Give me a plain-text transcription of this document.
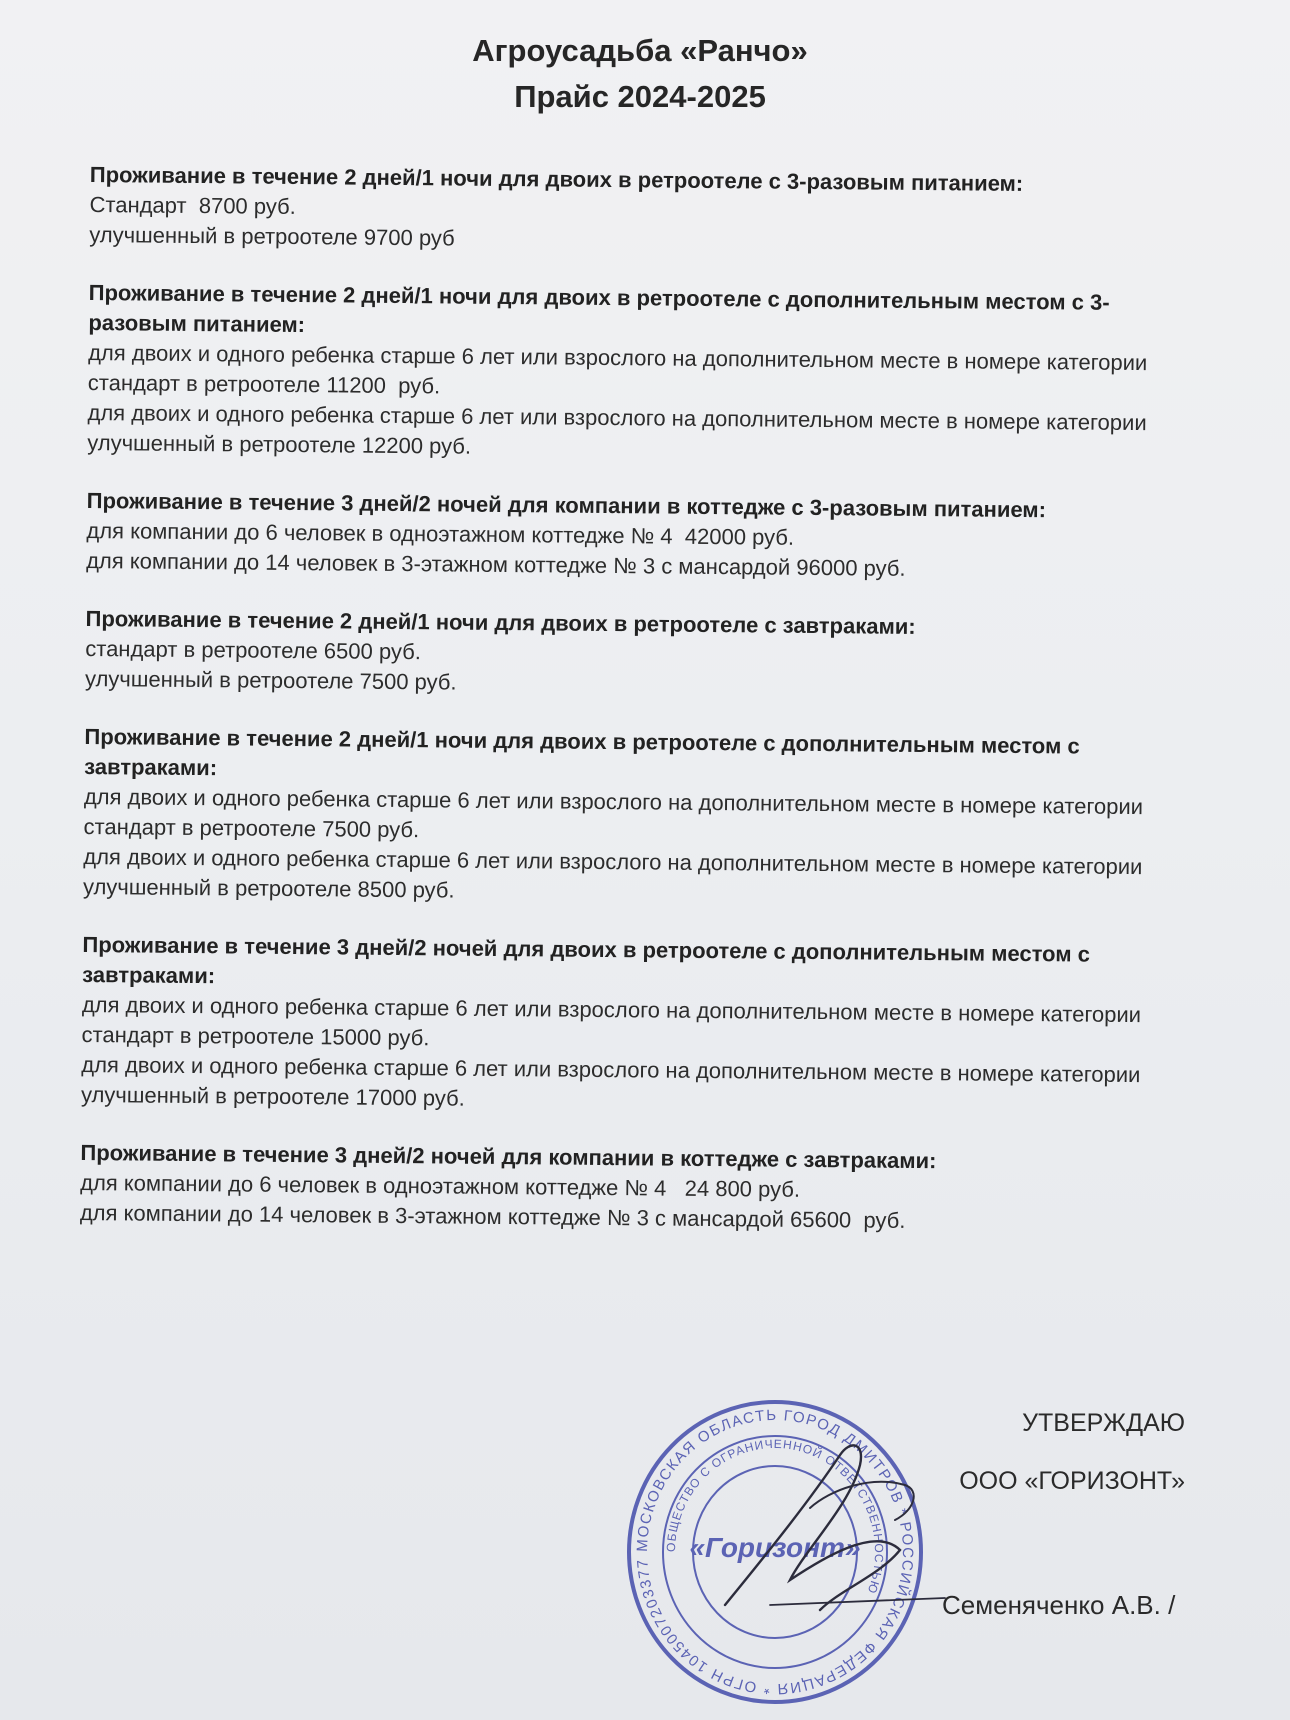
Агроусадьба «Ранчо»
Прайс 2024-2025
Проживание в течение 2 дней/1 ночи для двоих в ретроотеле с 3-разовым питанием:
Стандарт  8700 руб.
улучшенный в ретроотеле 9700 руб
Проживание в течение 2 дней/1 ночи для двоих в ретроотеле с дополнительным местом с 3-разовым питанием:
для двоих и одного ребенка старше 6 лет или взрослого на дополнительном месте в номере категории стандарт в ретроотеле 11200  руб.
для двоих и одного ребенка старше 6 лет или взрослого на дополнительном месте в номере категории улучшенный в ретроотеле 12200 руб.
Проживание в течение 3 дней/2 ночей для компании в коттедже с 3-разовым питанием:
для компании до 6 человек в одноэтажном коттедже № 4  42000 руб.
для компании до 14 человек в 3-этажном коттедже № 3 с мансардой 96000 руб.
Проживание в течение 2 дней/1 ночи для двоих в ретроотеле с завтраками:
стандарт в ретроотеле 6500 руб.
улучшенный в ретроотеле 7500 руб.
Проживание в течение 2 дней/1 ночи для двоих в ретроотеле с дополнительным местом с завтраками:
для двоих и одного ребенка старше 6 лет или взрослого на дополнительном месте в номере категории стандарт в ретроотеле 7500 руб.
для двоих и одного ребенка старше 6 лет или взрослого на дополнительном месте в номере категории улучшенный в ретроотеле 8500 руб.
Проживание в течение 3 дней/2 ночей для двоих в ретроотеле с дополнительным местом с завтраками:
для двоих и одного ребенка старше 6 лет или взрослого на дополнительном месте в номере категории стандарт в ретроотеле 15000 руб.
для двоих и одного ребенка старше 6 лет или взрослого на дополнительном месте в номере категории улучшенный в ретроотеле 17000 руб.
Проживание в течение 3 дней/2 ночей для компании в коттедже с завтраками:
для компании до 6 человек в одноэтажном коттедже № 4   24 800 руб.
для компании до 14 человек в 3-этажном коттедже № 3 с мансардой 65600  руб.
МОСКОВСКАЯ ОБЛАСТЬ ГОРОД ДМИТРОВ * РОССИЙСКАЯ ФЕДЕРАЦИЯ * ОГРН 1045007203377
ОБЩЕСТВО С ОГРАНИЧЕННОЙ ОТВЕТСТВЕННОСТЬЮ
«Горизонт»
УТВЕРЖДАЮ
ООО «ГОРИЗОНТ»
Семеняченко А.В. /
